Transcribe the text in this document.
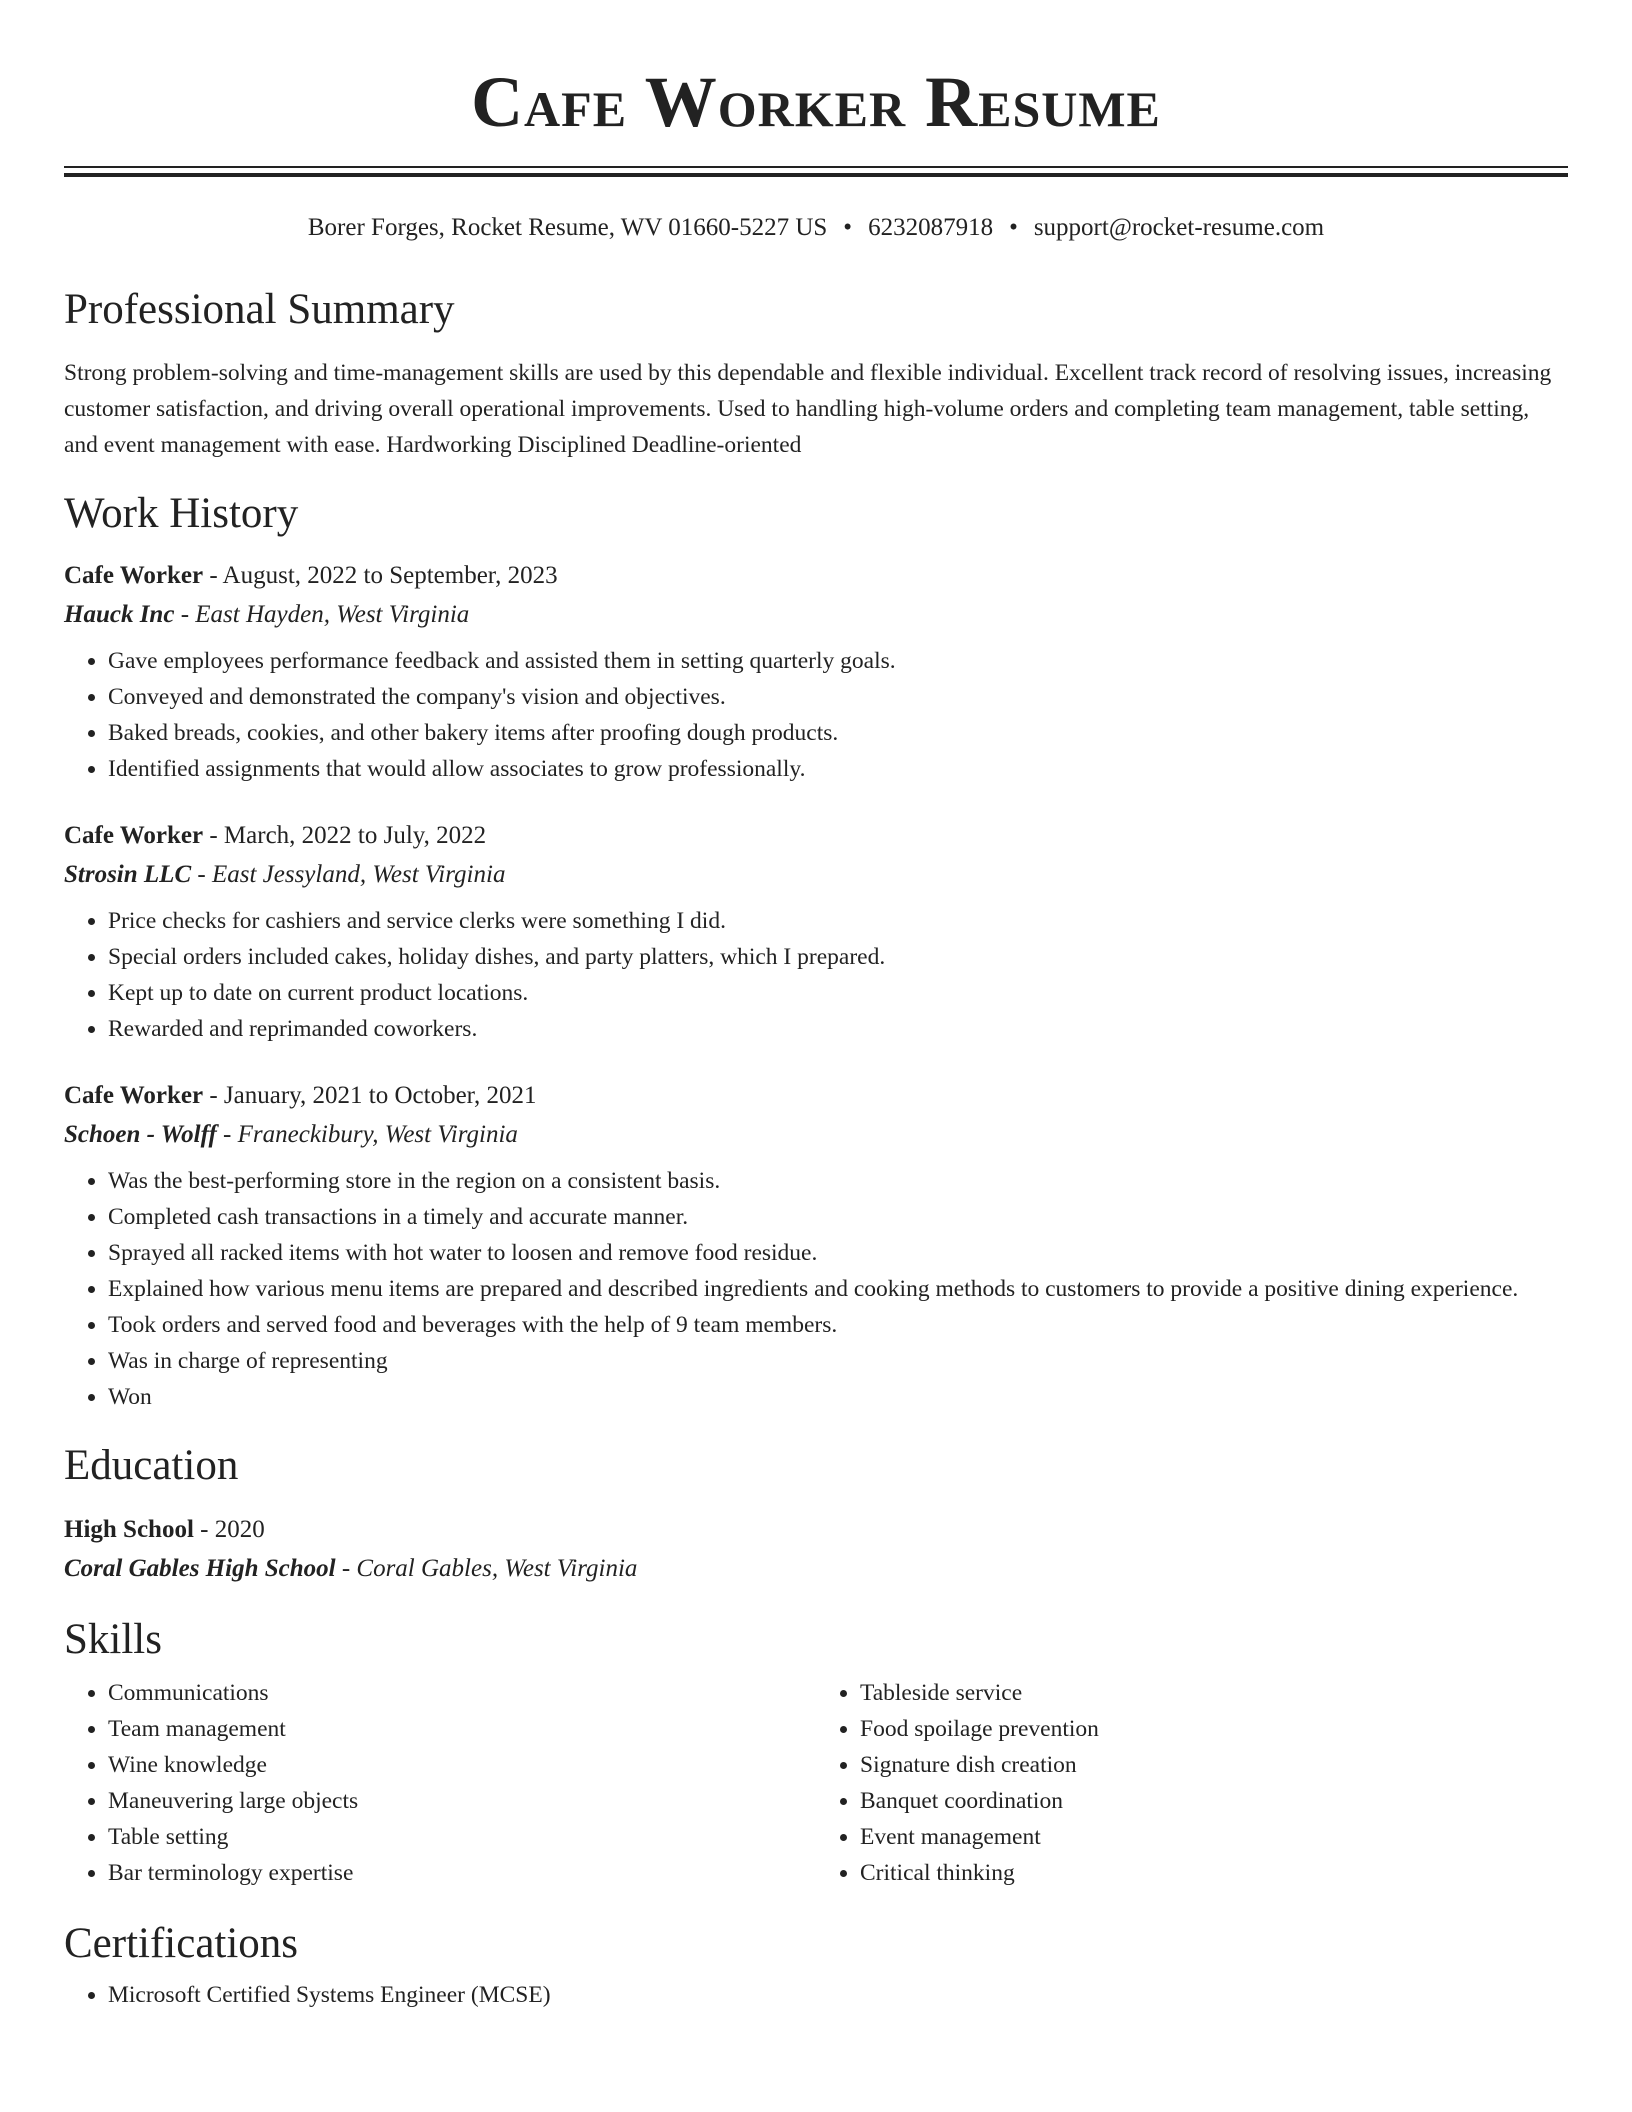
Cafe Worker Resume
Borer Forges, Rocket Resume, WV 01660-5227 US • 6232087918 • support@rocket-resume.com
Professional Summary

Strong problem-solving and time-management skills are used by this dependable and flexible individual. Excellent track record of resolving issues, increasing customer satisfaction, and driving overall operational improvements. Used to handling high-volume orders and completing team management, table setting, and event management with ease. Hardworking Disciplined Deadline-oriented

Work History
Cafe Worker - August, 2022 to September, 2023
Hauck Inc - East Hayden, West Virginia
• Gave employees performance feedback and assisted them in setting quarterly goals.
• Conveyed and demonstrated the company's vision and objectives.
• Baked breads, cookies, and other bakery items after proofing dough products.
• Identified assignments that would allow associates to grow professionally.
Cafe Worker - March, 2022 to July, 2022
Strosin LLC - East Jessyland, West Virginia
• Price checks for cashiers and service clerks were something I did.
• Special orders included cakes, holiday dishes, and party platters, which I prepared.
• Kept up to date on current product locations.
• Rewarded and reprimanded coworkers.
Cafe Worker - January, 2021 to October, 2021
Schoen - Wolff - Franeckibury, West Virginia
• Was the best-performing store in the region on a consistent basis.
• Completed cash transactions in a timely and accurate manner.
• Sprayed all racked items with hot water to loosen and remove food residue.
• Explained how various menu items are prepared and described ingredients and cooking methods to customers to provide a positive dining experience.
• Took orders and served food and beverages with the help of 9 team members.
• Was in charge of representing
• Won
Education
High School - 2020
Coral Gables High School - Coral Gables, West Virginia
Skills
• Communications
• Team management
• Wine knowledge
• Maneuvering large objects
• Table setting
• Bar terminology expertise
• Tableside service
• Food spoilage prevention
• Signature dish creation
• Banquet coordination
• Event management
• Critical thinking
Certifications
• Microsoft Certified Systems Engineer (MCSE)
